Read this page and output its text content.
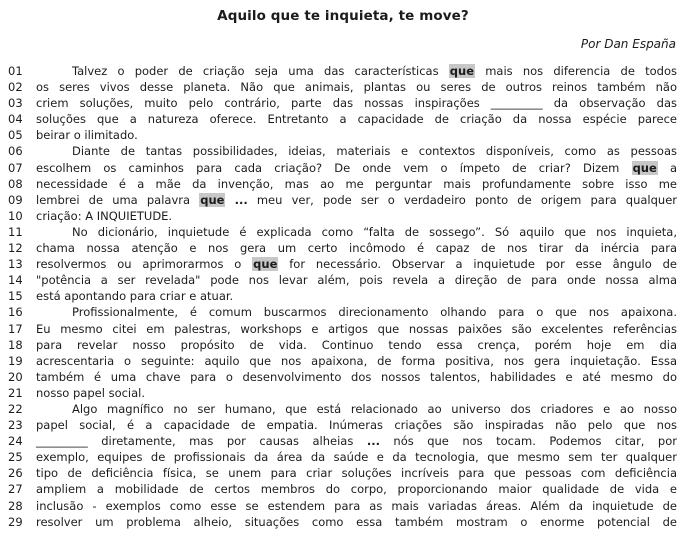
Aquilo que te inquieta, te move?
Por Dan España
01	Talvez o poder de criação seja uma das características que mais nos diferencia de todos
02	os seres vivos desse planeta. Não que animais, plantas ou seres de outros reinos também não
03	criem soluções, muito pelo contrário, parte das nossas inspirações _________ da observação das
04	soluções que a natureza oferece. Entretanto a capacidade de criação da nossa espécie parece
05	beirar o ilimitado.
06	Diante de tantas possibilidades, ideias, materiais e contextos disponíveis, como as pessoas
07	escolhem os caminhos para cada criação? De onde vem o ímpeto de criar? Dizem que a
08	necessidade é a mãe da invenção, mas ao me perguntar mais profundamente sobre isso me
09	lembrei de uma palavra que ... meu ver, pode ser o verdadeiro ponto de origem para qualquer
10	criação: A INQUIETUDE.
11	No dicionário, inquietude é explicada como “falta de sossego”. Só aquilo que nos inquieta,
12	chama nossa atenção e nos gera um certo incômodo é capaz de nos tirar da inércia para
13	resolvermos ou aprimorarmos o que for necessário. Observar a inquietude por esse ângulo de
14	"potência a ser revelada" pode nos levar além, pois revela a direção de para onde nossa alma
15	está apontando para criar e atuar.
16	Profissionalmente, é comum buscarmos direcionamento olhando para o que nos apaixona.
17	Eu mesmo citei em palestras, workshops e artigos que nossas paixões são excelentes referências
18	para revelar nosso propósito de vida. Continuo tendo essa crença, porém hoje em dia
19	acrescentaria o seguinte: aquilo que nos apaixona, de forma positiva, nos gera inquietação. Essa
20	também é uma chave para o desenvolvimento dos nossos talentos, habilidades e até mesmo do
21	nosso papel social.
22	Algo magnífico no ser humano, que está relacionado ao universo dos criadores e ao nosso
23	papel social, é a capacidade de empatia. Inúmeras criações são inspiradas não pelo que nos
24	_________ diretamente, mas por causas alheias ... nós que nos tocam. Podemos citar, por
25	exemplo, equipes de profissionais da área da saúde e da tecnologia, que mesmo sem ter qualquer
26	tipo de deficiência física, se unem para criar soluções incríveis para que pessoas com deficiência
27	ampliem a mobilidade de certos membros do corpo, proporcionando maior qualidade de vida e
28	inclusão - exemplos como esse se estendem para as mais variadas áreas. Além da inquietude de
29	resolver um problema alheio, situações como essa também mostram o enorme potencial de
